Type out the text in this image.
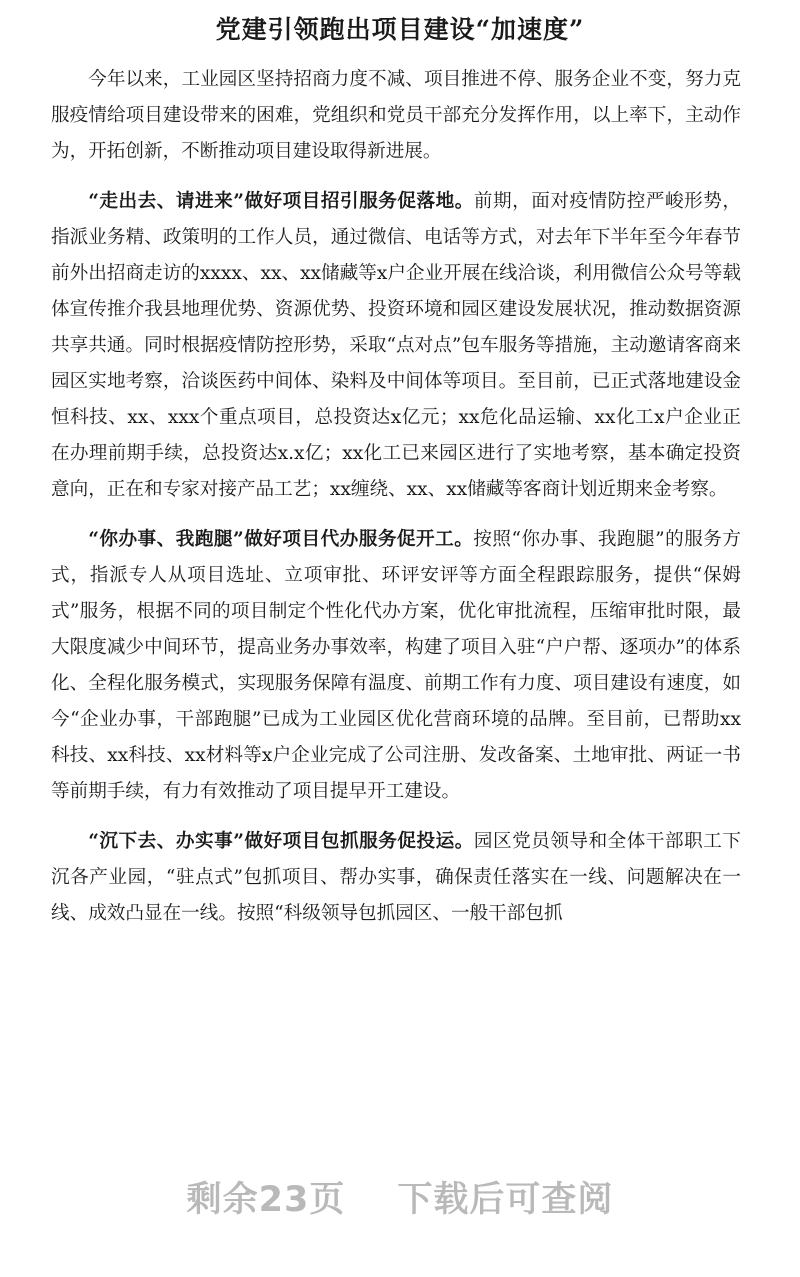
党建引领跑出项目建设“加速度”

今年以来，工业园区坚持招商力度不减、项目推进不停、服务企业不变，努力克服疫情给项目建设带来的困难，党组织和党员干部充分发挥作用，以上率下，主动作为，开拓创新，不断推动项目建设取得新进展。

“走出去、请进来”做好项目招引服务促落地。前期，面对疫情防控严峻形势，指派业务精、政策明的工作人员，通过微信、电话等方式，对去年下半年至今年春节前外出招商走访的xxxx、xx、xx储藏等x户企业开展在线洽谈，利用微信公众号等载体宣传推介我县地理优势、资源优势、投资环境和园区建设发展状况，推动数据资源共享共通。同时根据疫情防控形势，采取“点对点”包车服务等措施，主动邀请客商来园区实地考察，洽谈医药中间体、染料及中间体等项目。至目前，已正式落地建设金恒科技、xx、xxx个重点项目，总投资达x亿元；xx危化品运输、xx化工x户企业正在办理前期手续，总投资达x.x亿；xx化工已来园区进行了实地考察，基本确定投资意向，正在和专家对接产品工艺；xx缠绕、xx、xx储藏等客商计划近期来金考察。

“你办事、我跑腿”做好项目代办服务促开工。按照“你办事、我跑腿”的服务方式，指派专人从项目选址、立项审批、环评安评等方面全程跟踪服务，提供“保姆式”服务，根据不同的项目制定个性化代办方案，优化审批流程，压缩审批时限，最大限度减少中间环节，提高业务办事效率，构建了项目入驻“户户帮、逐项办”的体系化、全程化服务模式，实现服务保障有温度、前期工作有力度、项目建设有速度，如今“企业办事，干部跑腿”已成为工业园区优化营商环境的品牌。至目前，已帮助xx科技、xx科技、xx材料等x户企业完成了公司注册、发改备案、土地审批、两证一书等前期手续，有力有效推动了项目提早开工建设。

“沉下去、办实事”做好项目包抓服务促投运。园区党员领导和全体干部职工下沉各产业园，“驻点式”包抓项目、帮办实事，确保责任落实在一线、问题解决在一线、成效凸显在一线。按照“科级领导包抓园区、一般干部包抓

剩余23页 下载后可查阅
